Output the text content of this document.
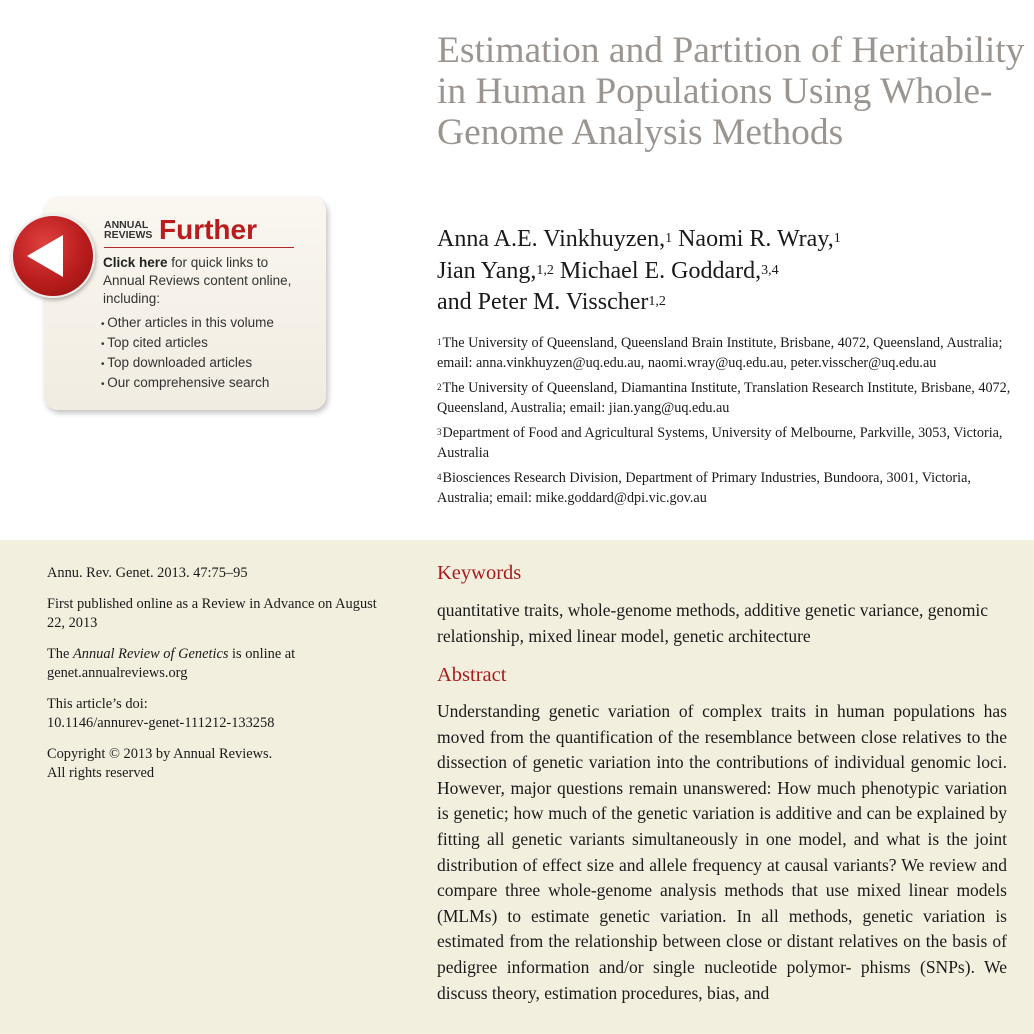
Estimation and Partition of Heritability in Human Populations Using Whole-Genome Analysis Methods
Anna A.E. Vinkhuyzen,$^1$ Naomi R. Wray,$^1$
Jian Yang,$^{1,2}$ Michael E. Goddard,$^{3,4}$
and Peter M. Visscher$^{1,2}$

$^1$The University of Queensland, Queensland Brain Institute, Brisbane, 4072, Queensland, Australia; email: anna.vinkhuyzen@uq.edu.au, naomi.wray@uq.edu.au, peter.visscher@uq.edu.au

$^2$The University of Queensland, Diamantina Institute, Translation Research Institute, Brisbane, 4072, Queensland, Australia; email: jian.yang@uq.edu.au

$^3$Department of Food and Agricultural Systems, University of Melbourne, Parkville, 3053, Victoria, Australia

$^4$Biosciences Research Division, Department of Primary Industries, Bundoora, 3001, Victoria, Australia; email: mike.goddard@dpi.vic.gov.au

ANNUAL
REVIEWS Further
Click here for quick links to Annual Reviews content online, including:
• Other articles in this volume
• Top cited articles
• Top downloaded articles
• Our comprehensive search

Annu. Rev. Genet. 2013. 47:75–95

First published online as a Review in Advance on August 22, 2013

The Annual Review of Genetics is online at genet.annualreviews.org

This article’s doi:
10.1146/annurev-genet-111212-133258

Copyright © 2013 by Annual Reviews.
All rights reserved

Keywords
quantitative traits, whole-genome methods, additive genetic variance, genomic relationship, mixed linear model, genetic architecture
Abstract

Understanding genetic variation of complex traits in human populations has moved from the quantification of the resemblance between close relatives to the dissection of genetic variation into the contributions of individual genomic loci. However, major questions remain unanswered: How much phenotypic variation is genetic; how much of the genetic variation is additive and can be explained by fitting all genetic variants simultaneously in one model, and what is the joint distribution of effect size and allele frequency at causal variants? We review and compare three whole-genome analysis methods that use mixed linear models (MLMs) to estimate genetic variation. In all methods, genetic variation is estimated from the relationship between close or distant relatives on the basis of pedigree information and/or single nucleotide polymor- phisms (SNPs). We discuss theory, estimation procedures, bias, and
